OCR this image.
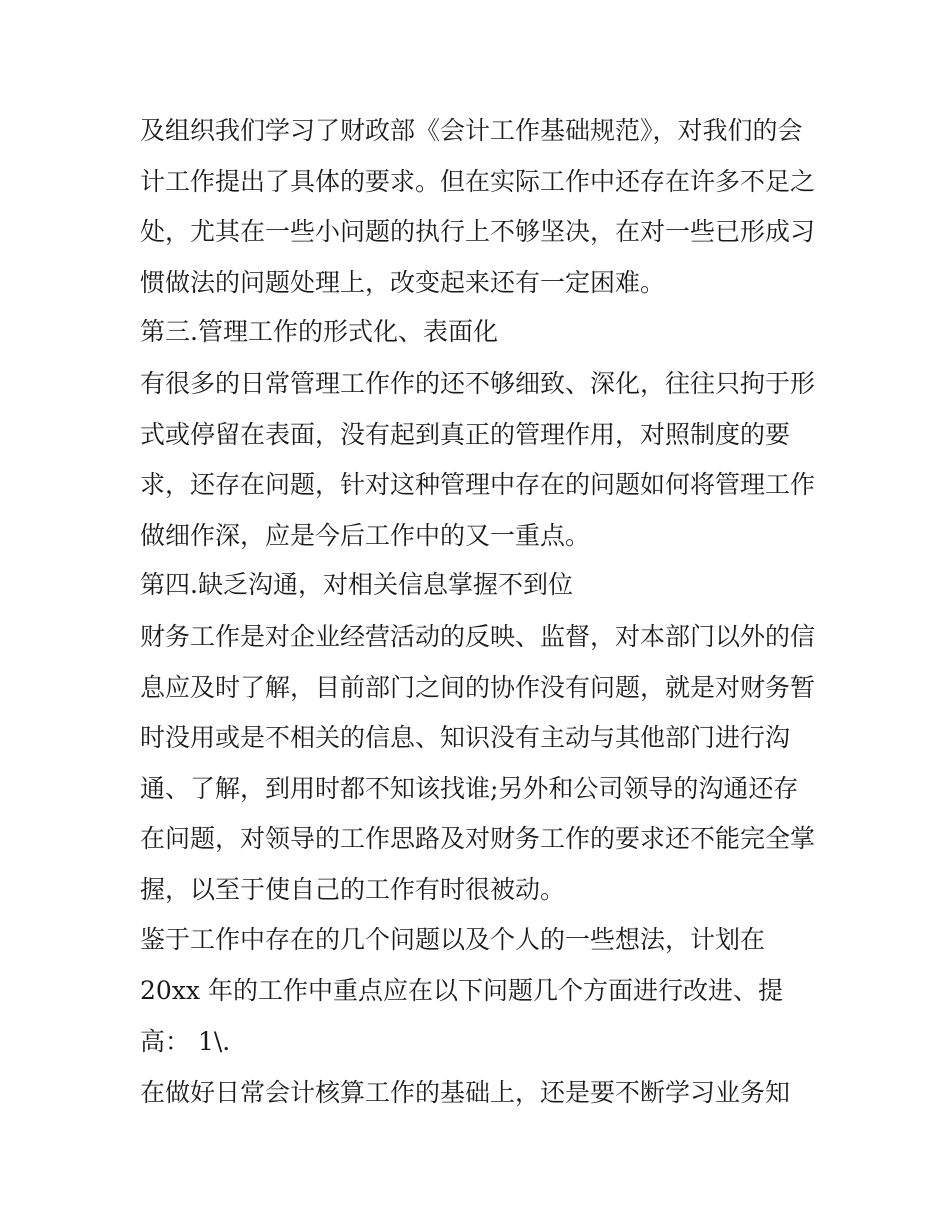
及组织我们学习了财政部《会计工作基础规范》，对我们的会
计工作提出了具体的要求。但在实际工作中还存在许多不足之
处，尤其在一些小问题的执行上不够坚决，在对一些已形成习
惯做法的问题处理上，改变起来还有一定困难。
第三.管理工作的形式化、表面化
有很多的日常管理工作作的还不够细致、深化，往往只拘于形
式或停留在表面，没有起到真正的管理作用，对照制度的要
求，还存在问题，针对这种管理中存在的问题如何将管理工作
做细作深，应是今后工作中的又一重点。
第四.缺乏沟通，对相关信息掌握不到位
财务工作是对企业经营活动的反映、监督，对本部门以外的信
息应及时了解，目前部门之间的协作没有问题，就是对财务暂
时没用或是不相关的信息、知识没有主动与其他部门进行沟
通、了解，到用时都不知该找谁;另外和公司领导的沟通还存
在问题，对领导的工作思路及对财务工作的要求还不能完全掌
握，以至于使自己的工作有时很被动。
鉴于工作中存在的几个问题以及个人的一些想法，计划在
20xx 年的工作中重点应在以下问题几个方面进行改进、提
高： 1\.
在做好日常会计核算工作的基础上，还是要不断学习业务知
